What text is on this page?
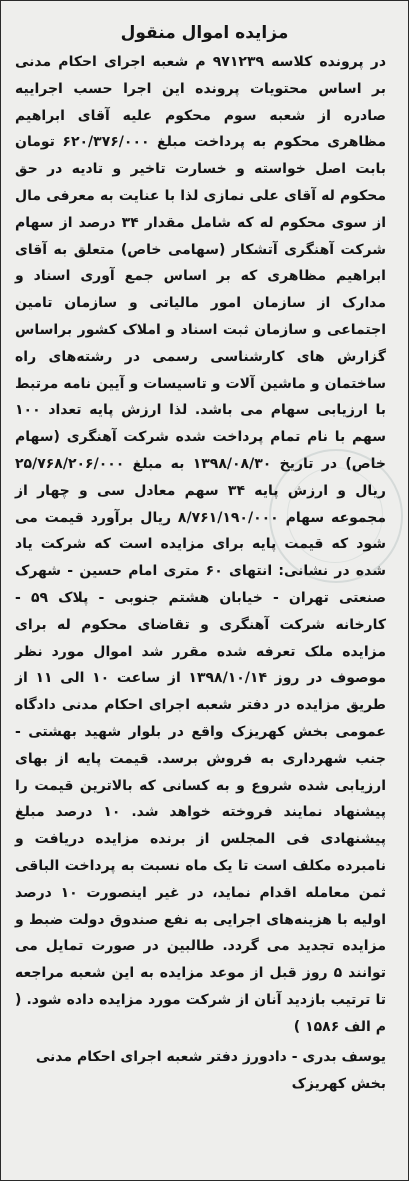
مزایده اموال منقول

در پرونده کلاسه ۹۷۱۲۳۹ م شعبه اجرای احکام مدنی بر اساس محتویات پرونده این اجرا حسب اجراییه صادره از شعبه سوم محکوم علیه آقای ابراهیم مظاهری محکوم به پرداخت مبلغ ۶۲۰/۳۷۶/۰۰۰ تومان بابت اصل خواسته و خسارت تاخیر و تادیه در حق محکوم له آقای علی نمازی لذا با عنایت به معرفی مال از سوی محکوم له که شامل مقدار ۳۴ درصد از سهام شرکت آهنگری آتشکار (سهامی خاص) متعلق به آقای ابراهیم مظاهری که بر اساس جمع آوری اسناد و مدارک از سازمان امور مالیاتی و سازمان تامین اجتماعی و سازمان ثبت اسناد و املاک کشور براساس گزارش های کارشناسی رسمی در رشته‌های راه ساختمان و ماشین آلات و تاسیسات و آیین نامه مرتبط با ارزیابی سهام می باشد. لذا ارزش پایه تعداد ۱۰۰ سهم با نام تمام پرداخت شده شرکت آهنگری (سهام خاص) در تاریخ ۱۳۹۸/۰۸/۳۰ به مبلغ ۲۵/۷۶۸/۲۰۶/۰۰۰ ریال و ارزش پایه ۳۴ سهم معادل سی و چهار از مجموعه سهام ۸/۷۶۱/۱۹۰/۰۰۰ ریال برآورد قیمت می شود که قیمت پایه برای مزایده است که شرکت یاد شده در نشانی: انتهای ۶۰ متری امام حسین - شهرک صنعتی تهران - خیابان هشتم جنوبی - پلاک ۵۹ - کارخانه شرکت آهنگری و تقاضای محکوم له برای مزایده ملک تعرفه شده مقرر شد اموال مورد نظر موصوف در روز ۱۳۹۸/۱۰/۱۴ از ساعت ۱۰ الی ۱۱ از طریق مزایده در دفتر شعبه اجرای احکام مدنی دادگاه عمومی بخش کهریزک واقع در بلوار شهید بهشتی - جنب شهرداری به فروش برسد. قیمت پایه از بهای ارزیابی شده شروع و به کسانی که بالاترین قیمت را پیشنهاد نمایند فروخته خواهد شد. ۱۰ درصد مبلغ پیشنهادی فی المجلس از برنده مزایده دریافت و نامبرده مکلف است تا یک ماه نسبت به پرداخت الباقی ثمن معامله اقدام نماید، در غیر اینصورت ۱۰ درصد اولیه با هزینه‌های اجرایی به نفع صندوق دولت ضبط و مزایده تجدید می گردد. طالبین در صورت تمایل می توانند ۵ روز قبل از موعد مزایده به این شعبه مراجعه تا ترتیب بازدید آنان از شرکت مورد مزایده داده شود. ( م الف ۱۵۸۶ )

یوسف بدری - دادورز دفتر شعبه اجرای احکام مدنی بخش کهریزک
